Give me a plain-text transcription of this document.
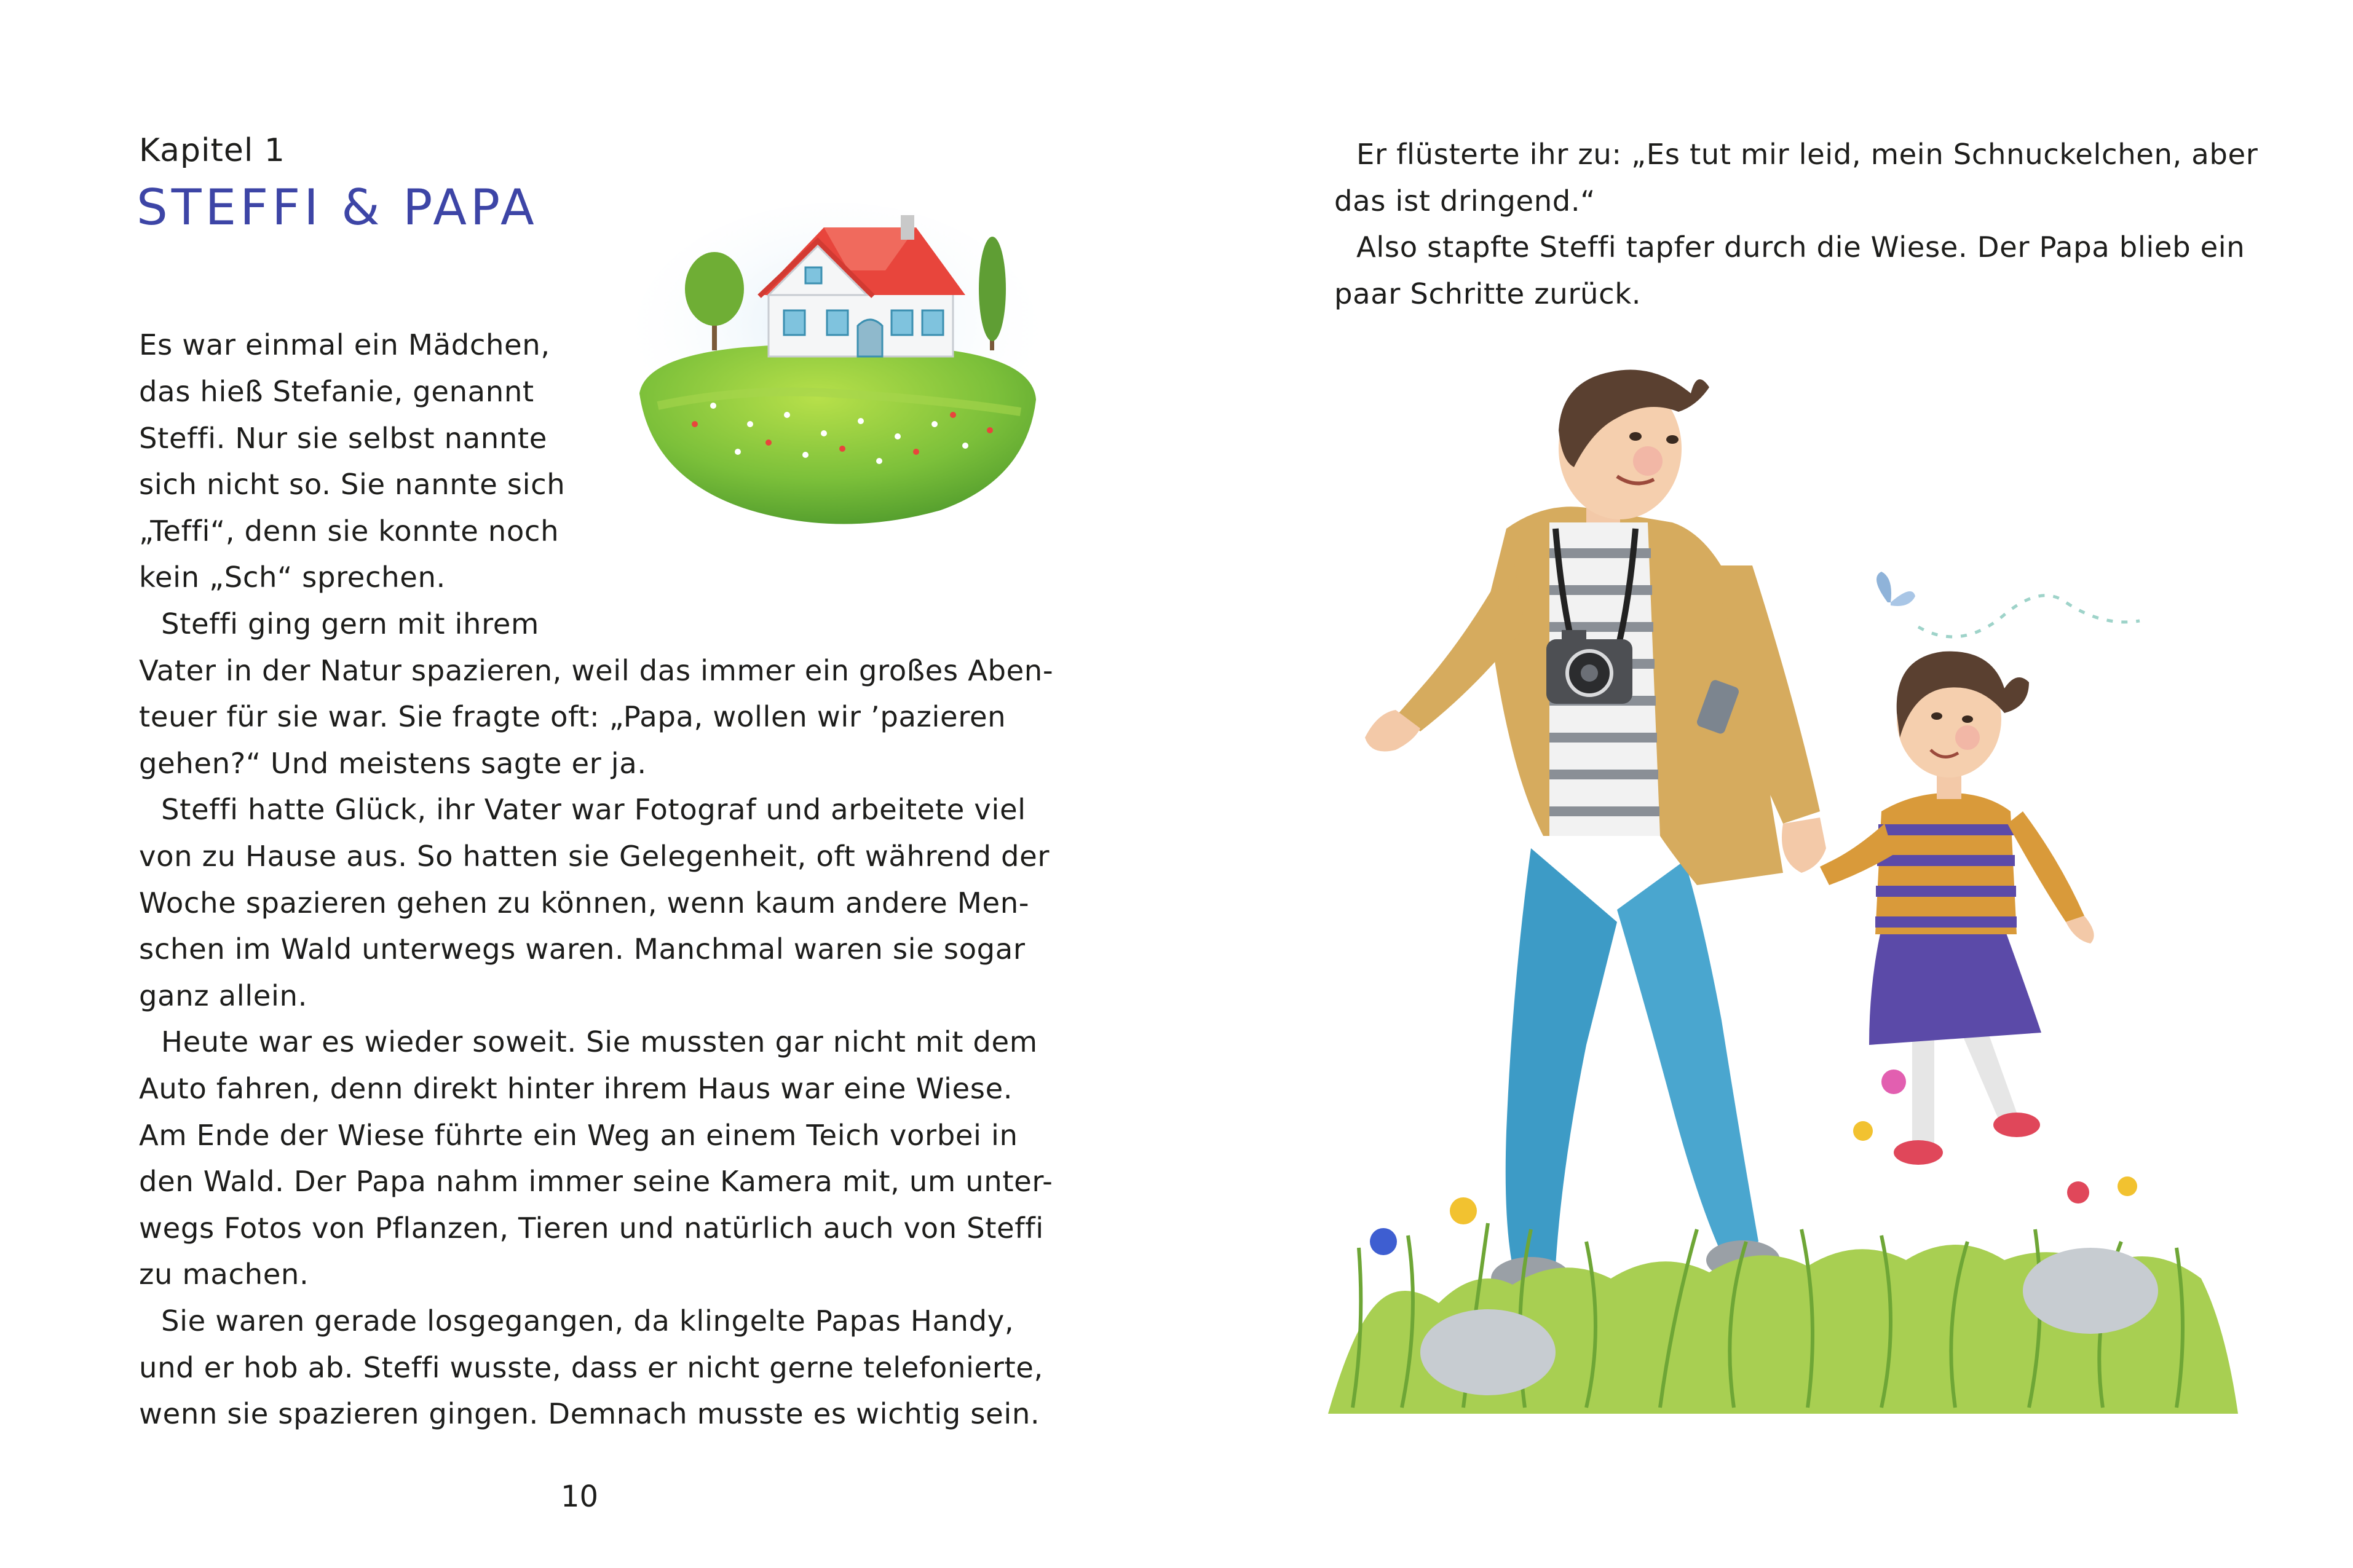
Kapitel 1
STEFFI & PAPA
Es war einmal ein Mädchen,
das hieß Stefanie, genannt
Steffi. Nur sie selbst nannte
sich nicht so. Sie nannte sich
„Teffi“, denn sie konnte noch
kein „Sch“ sprechen.
Steffi ging gern mit ihrem
Vater in der Natur spazieren, weil das immer ein großes Aben-
teuer für sie war. Sie fragte oft: „Papa, wollen wir ’pazieren
gehen?“ Und meistens sagte er ja.
Steffi hatte Glück, ihr Vater war Fotograf und arbeitete viel
von zu Hause aus. So hatten sie Gelegenheit, oft während der
Woche spazieren gehen zu können, wenn kaum andere Men-
schen im Wald unterwegs waren. Manchmal waren sie sogar
ganz allein.
Heute war es wieder soweit. Sie mussten gar nicht mit dem
Auto fahren, denn direkt hinter ihrem Haus war eine Wiese.
Am Ende der Wiese führte ein Weg an einem Teich vorbei in
den Wald. Der Papa nahm immer seine Kamera mit, um unter-
wegs Fotos von Pflanzen, Tieren und natürlich auch von Steffi
zu machen.
Sie waren gerade losgegangen, da klingelte Papas Handy,
und er hob ab. Steffi wusste, dass er nicht gerne telefonierte,
wenn sie spazieren gingen. Demnach musste es wichtig sein.
10
Er flüsterte ihr zu: „Es tut mir leid, mein Schnuckelchen, aber
das ist dringend.“
Also stapfte Steffi tapfer durch die Wiese. Der Papa blieb ein
paar Schritte zurück.
